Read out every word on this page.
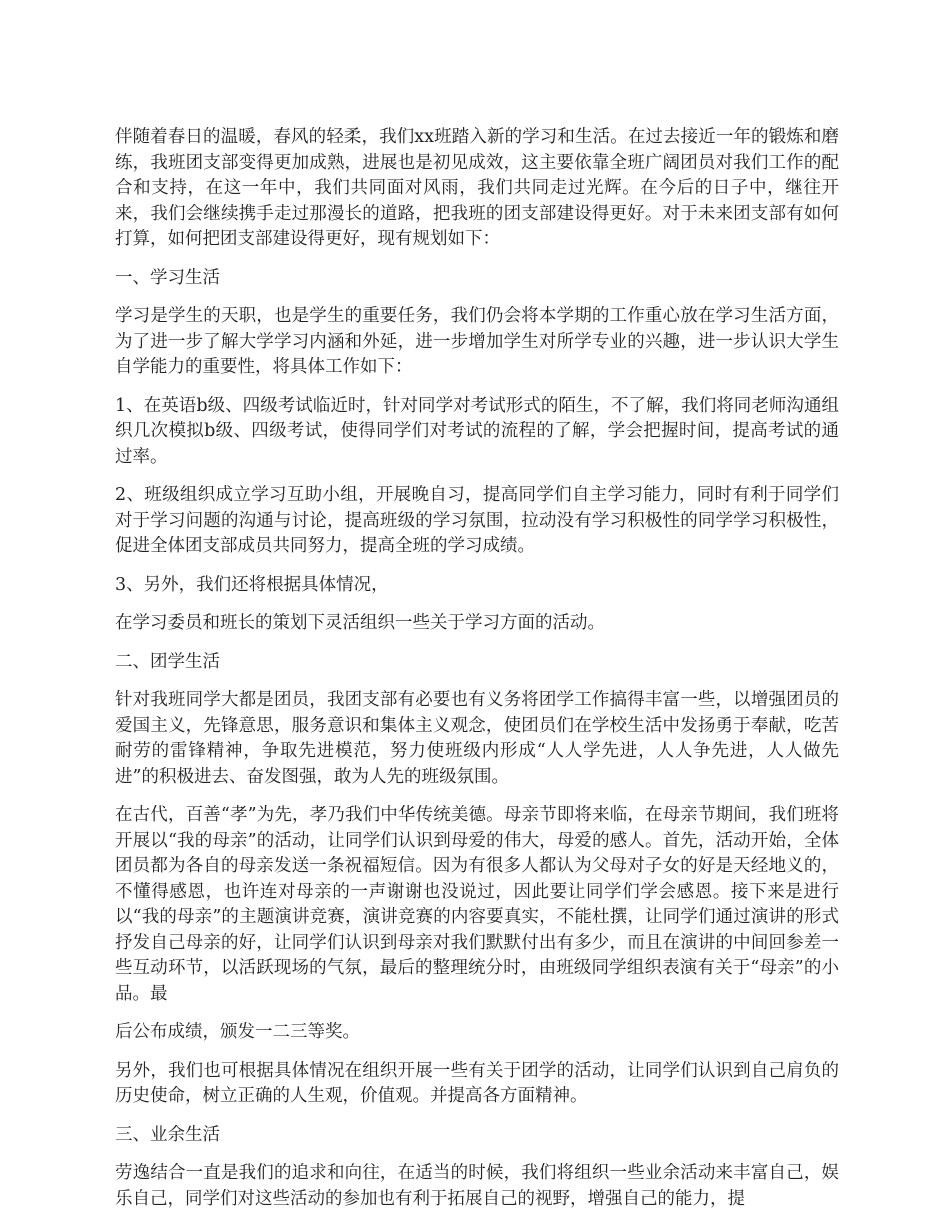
伴随着春日的温暖，春风的轻柔，我们xx班踏入新的学习和生活。在过去接近一年的锻炼和磨练，我班团支部变得更加成熟，进展也是初见成效，这主要依靠全班广阔团员对我们工作的配合和支持，在这一年中，我们共同面对风雨，我们共同走过光辉。在今后的日子中，继往开来，我们会继续携手走过那漫长的道路，把我班的团支部建设得更好。对于未来团支部有如何打算，如何把团支部建设得更好，现有规划如下：

一、学习生活

学习是学生的天职，也是学生的重要任务，我们仍会将本学期的工作重心放在学习生活方面，为了进一步了解大学学习内涵和外延，进一步增加学生对所学专业的兴趣，进一步认识大学生自学能力的重要性，将具体工作如下：

1、在英语b级、四级考试临近时，针对同学对考试形式的陌生，不了解，我们将同老师沟通组织几次模拟b级、四级考试，使得同学们对考试的流程的了解，学会把握时间，提高考试的通过率。

2、班级组织成立学习互助小组，开展晚自习，提高同学们自主学习能力，同时有利于同学们对于学习问题的沟通与讨论，提高班级的学习氛围，拉动没有学习积极性的同学学习积极性，促进全体团支部成员共同努力，提高全班的学习成绩。

3、另外，我们还将根据具体情况，

在学习委员和班长的策划下灵活组织一些关于学习方面的活动。

二、团学生活

针对我班同学大都是团员，我团支部有必要也有义务将团学工作搞得丰富一些，以增强团员的爱国主义，先锋意思，服务意识和集体主义观念，使团员们在学校生活中发扬勇于奉献，吃苦耐劳的雷锋精神，争取先进模范，努力使班级内形成“人人学先进，人人争先进，人人做先进”的积极进去、奋发图强，敢为人先的班级氛围。

在古代，百善“孝”为先，孝乃我们中华传统美德。母亲节即将来临，在母亲节期间，我们班将开展以“我的母亲”的活动，让同学们认识到母爱的伟大，母爱的感人。首先，活动开始，全体团员都为各自的母亲发送一条祝福短信。因为有很多人都认为父母对子女的好是天经地义的，不懂得感恩，也许连对母亲的一声谢谢也没说过，因此要让同学们学会感恩。接下来是进行以“我的母亲”的主题演讲竞赛，演讲竞赛的内容要真实，不能杜撰，让同学们通过演讲的形式抒发自己母亲的好，让同学们认识到母亲对我们默默付出有多少，而且在演讲的中间回参差一些互动环节，以活跃现场的气氛，最后的整理统分时，由班级同学组织表演有关于“母亲”的小品。最

后公布成绩，颁发一二三等奖。

另外，我们也可根据具体情况在组织开展一些有关于团学的活动，让同学们认识到自己肩负的历史使命，树立正确的人生观，价值观。并提高各方面精神。

三、业余生活

劳逸结合一直是我们的追求和向往，在适当的时候，我们将组织一些业余活动来丰富自己，娱乐自己，同学们对这些活动的参加也有利于拓展自己的视野，增强自己的能力，提
